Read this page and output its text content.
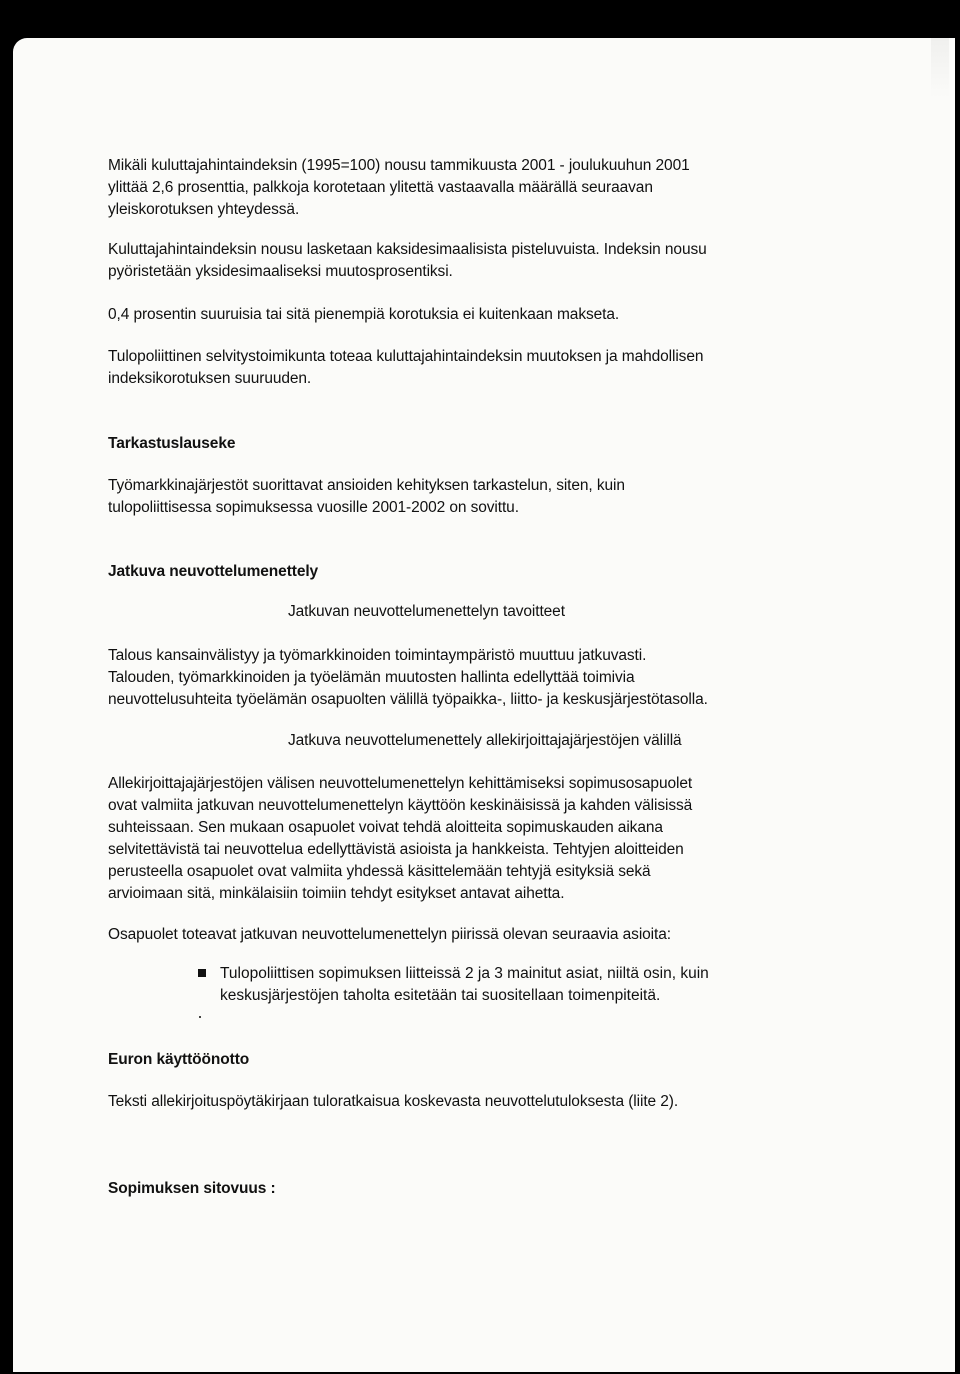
Mikäli kuluttajahintaindeksin (1995=100) nousu tammikuusta 2001 - joulukuuhun 2001

ylittää 2,6 prosenttia, palkkoja korotetaan ylitettä vastaavalla määrällä seuraavan

yleiskorotuksen yhteydessä.

Kuluttajahintaindeksin nousu lasketaan kaksidesimaalisista pisteluvuista. Indeksin nousu

pyöristetään yksidesimaaliseksi muutosprosentiksi.

0,4 prosentin suuruisia tai sitä pienempiä korotuksia ei kuitenkaan makseta.

Tulopoliittinen selvitystoimikunta toteaa kuluttajahintaindeksin muutoksen ja mahdollisen

indeksikorotuksen suuruuden.

Tarkastuslauseke

Työmarkkinajärjestöt suorittavat ansioiden kehityksen tarkastelun, siten, kuin

tulopoliittisessa sopimuksessa vuosille 2001-2002 on sovittu.

Jatkuva neuvottelumenettely

Jatkuvan neuvottelumenettelyn tavoitteet

Talous kansainvälistyy ja työmarkkinoiden toimintaympäristö muuttuu jatkuvasti.

Talouden, työmarkkinoiden ja työelämän muutosten hallinta edellyttää toimivia

neuvottelusuhteita työelämän osapuolten välillä työpaikka-, liitto- ja keskusjärjestötasolla.

Jatkuva neuvottelumenettely allekirjoittajajärjestöjen välillä

Allekirjoittajajärjestöjen välisen neuvottelumenettelyn kehittämiseksi sopimusosapuolet

ovat valmiita jatkuvan neuvottelumenettelyn käyttöön keskinäisissä ja kahden välisissä

suhteissaan. Sen mukaan osapuolet voivat tehdä aloitteita sopimuskauden aikana

selvitettävistä tai neuvottelua edellyttävistä asioista ja hankkeista. Tehtyjen aloitteiden

perusteella osapuolet ovat valmiita yhdessä käsittelemään tehtyjä esityksiä sekä

arvioimaan sitä, minkälaisiin toimiin tehdyt esitykset antavat aihetta.

Osapuolet toteavat jatkuvan neuvottelumenettelyn piirissä olevan seuraavia asioita:

Tulopoliittisen sopimuksen liitteissä 2 ja 3 mainitut asiat, niiltä osin, kuin
keskusjärjestöjen taholta esitetään tai suositellaan toimenpiteitä.

Euron käyttöönotto

Teksti allekirjoituspöytäkirjaan tuloratkaisua koskevasta neuvottelutuloksesta (liite 2).

Sopimuksen sitovuus :
